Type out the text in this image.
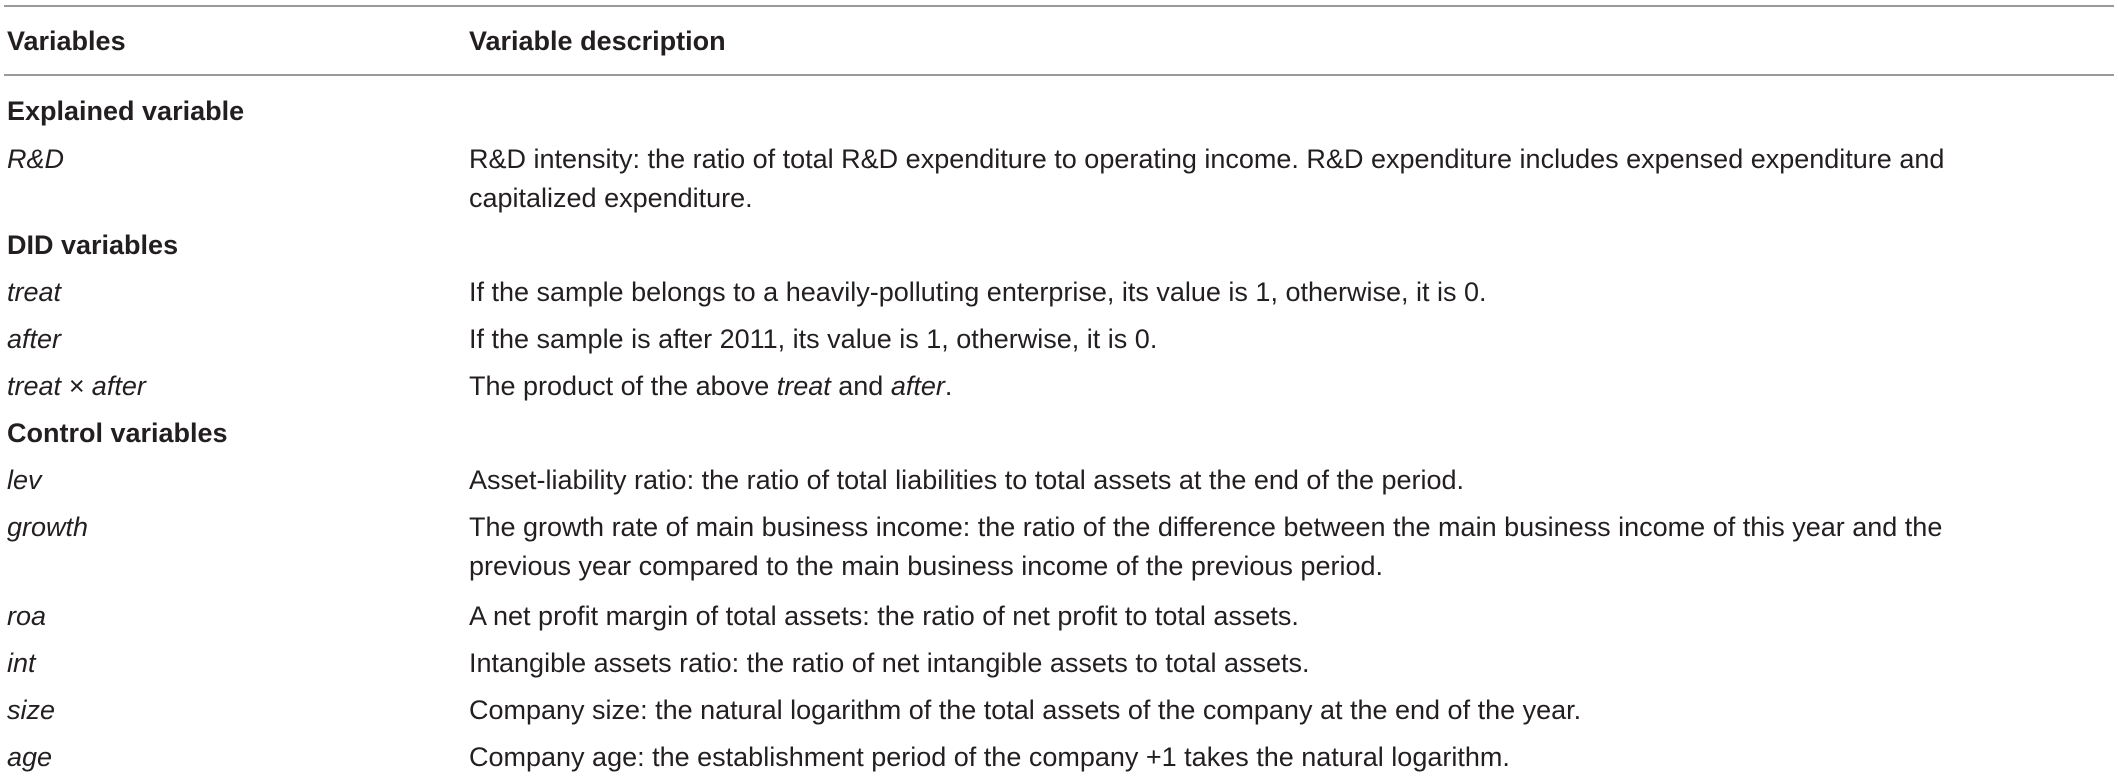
Variables	Variable description
Explained variable
R&D	R&D intensity: the ratio of total R&D expenditure to operating income. R&D expenditure includes expensed expenditure and
capitalized expenditure.
DID variables
treat	If the sample belongs to a heavily-polluting enterprise, its value is 1, otherwise, it is 0.
after	If the sample is after 2011, its value is 1, otherwise, it is 0.
treat × after	The product of the above treat and after.
Control variables
lev	Asset-liability ratio: the ratio of total liabilities to total assets at the end of the period.
growth	The growth rate of main business income: the ratio of the difference between the main business income of this year and the
previous year compared to the main business income of the previous period.
roa	A net profit margin of total assets: the ratio of net profit to total assets.
int	Intangible assets ratio: the ratio of net intangible assets to total assets.
size	Company size: the natural logarithm of the total assets of the company at the end of the year.
age	Company age: the establishment period of the company +1 takes the natural logarithm.
